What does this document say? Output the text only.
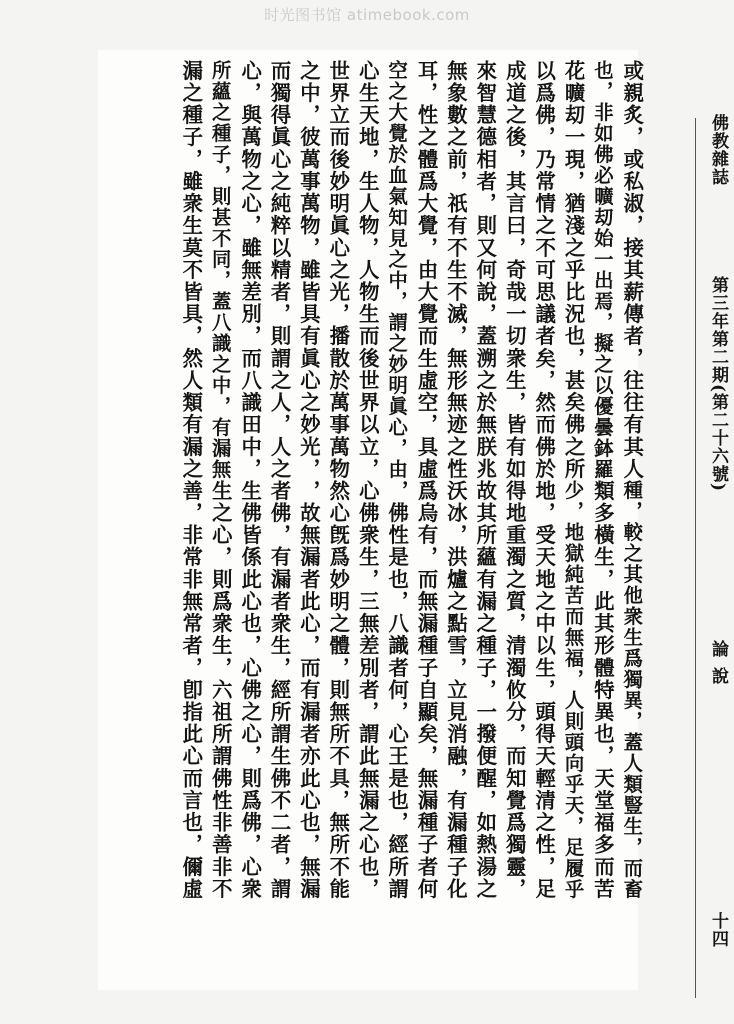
时光图书馆 atimebook.com
佛教雜誌
第三年第二期(第二十六號)
論說
十四
或親炙，或私淑，接其薪傳者，往往有其人
也，非如佛必曠刧始一出焉，擬之以優曇鉢羅
花曠刧一現，猶淺之乎比況也，甚矣佛之所
以爲佛，乃常情之不可思議者矣，然而佛於
成道之後，其言曰，奇哉一切衆生，皆有如
來智慧德相者，則又何說，蓋溯之於無朕兆
無象數之前，祇有不生不滅，無形無迹之性
耳，性之體爲大覺，由大覺而生虛空，具虛
空之大覺於血氣知見之中，謂之妙明眞心，由
心生天地，生人物，人物生而後世界以立，
世界立而後妙明眞心之光，播散於萬事萬物
之中，彼萬事萬物，雖皆具有眞心之妙光，
而獨得眞心之純粹以精者，則謂之人，人之
心，與萬物之心，雖無差別，而八識田中，
所蘊之種子，則甚不同，蓋八識之中，有漏無
漏之種子，雖衆生莫不皆具，然人類有漏之
種，較之其他衆生爲獨異，蓋人類豎生，而畜
類多橫生，此其形體特異也，天堂福多而苦
少，地獄純苦而無福，人則頭向乎天，足履乎
地，受天地之中以生，頭得天輕清之性，足
得地重濁之質，清濁攸分，而知覺爲獨靈，
故其所蘊有漏之種子，一撥便醒，如熱湯之
沃冰，洪爐之點雪，立見消融，有漏種子化
爲烏有，而無漏種子自顯矣，無漏種子者何
，佛性是也，八識者何，心王是也，經所謂
心佛衆生，三無差別者，謂此無漏之心也，
然心旣爲妙明之體，則無所不具，無所不能
，故無漏者此心，而有漏者亦此心也，無漏
者佛，有漏者衆生，經所謂生佛不二者，謂
生佛皆係此心也，心佛之心，則爲佛，心衆
生之心，則爲衆生，六祖所謂佛性非善非不
善，非常非無常者，卽指此心而言也，儞虛
